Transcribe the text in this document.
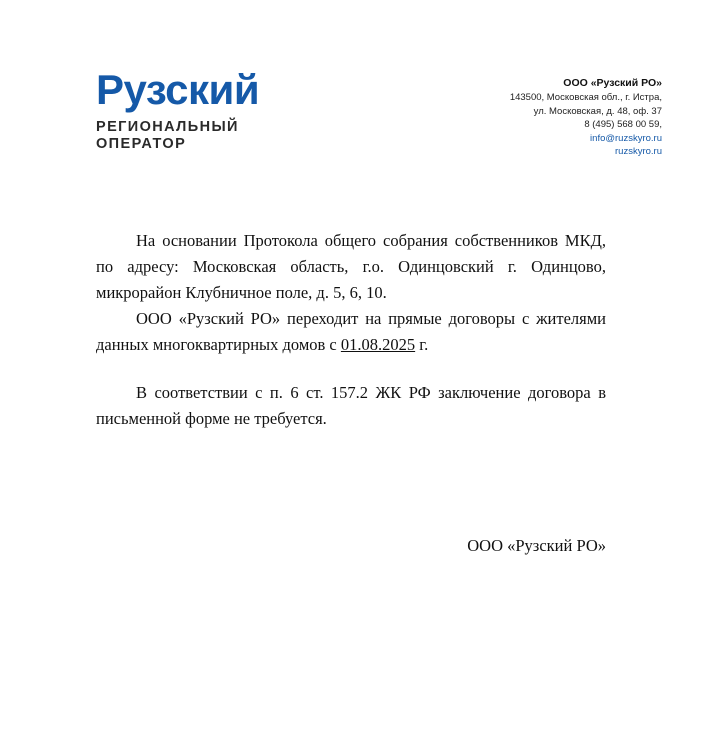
Рузский
РЕГИОНАЛЬНЫЙ
ОПЕРАТОР
ООО «Рузский РО»
143500, Московская обл., г. Истра,
ул. Московская, д. 48, оф. 37
8 (495) 568 00 59,
info@ruzskyro.ru
ruzskyro.ru

На основании Протокола общего собрания собственников МКД, по адресу: Московская область, г.о. Одинцовский г. Одинцово, микрорайон Клубничное поле, д. 5, 6, 10.

ООО «Рузский РО» переходит на прямые договоры с жителями данных многоквартирных домов с 01.08.2025 г.

В соответствии с п. 6 ст. 157.2 ЖК РФ заключение договора в письменной форме не требуется.

ООО «Рузский РО»
